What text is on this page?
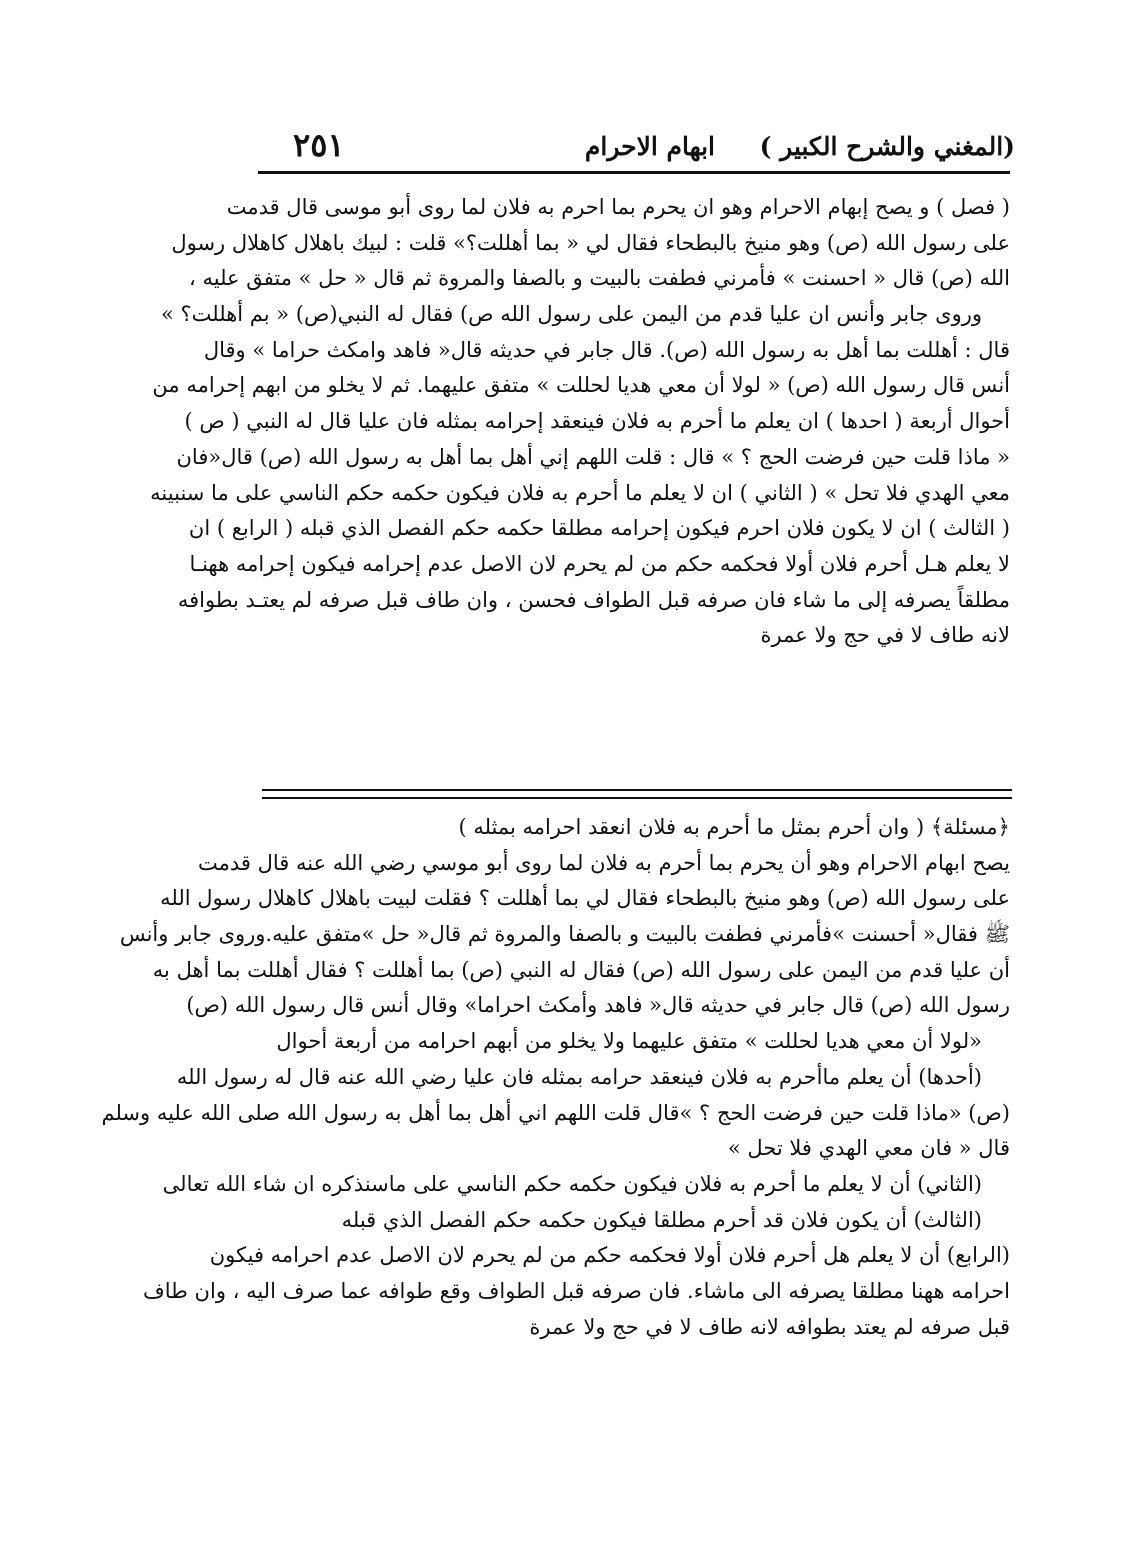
(المغني والشرح الكبير )
ابهام الاحرام
٢٥١
( فصل ) و يصح إبهام الاحرام وهو ان يحرم بما احرم به فلان لما روى أبو موسى قال قدمت
على رسول الله (ص) وهو منيخ بالبطحاء فقال لي « بما أهللت؟» قلت : لبيك باهلال كاهلال رسول
الله (ص) قال « احسنت » فأمرني فطفت بالبيت و بالصفا والمروة ثم قال « حل » متفق عليه ،
وروى جابر وأنس ان عليا قدم من اليمن على رسول الله ص) فقال له النبي(ص) « بم أهللت؟ »
قال : أهللت بما أهل به رسول الله (ص). قال جابر في حديثه قال« فاهد وامكث حراما » وقال
أنس قال رسول الله (ص) « لولا أن معي هديا لحللت » متفق عليهما. ثم لا يخلو من ابهم إحرامه من
أحوال أربعة ( احدها ) ان يعلم ما أحرم به فلان فينعقد إحرامه بمثله فان عليا قال له النبي ( ص )
« ماذا قلت حين فرضت الحج ؟ » قال : قلت اللهم إني أهل بما أهل به رسول الله (ص) قال«فان
معي الهدي فلا تحل » ( الثاني ) ان لا يعلم ما أحرم به فلان فيكون حكمه حكم الناسي على ما سنبينه
( الثالث ) ان لا يكون فلان احرم فيكون إحرامه مطلقا حكمه حكم الفصل الذي قبله ( الرابع ) ان
لا يعلم هـل أحرم فلان أولا فحكمه حكم من لم يحرم لان الاصل عدم إحرامه فيكون إحرامه ههنـا
مطلقاً يصرفه إلى ما شاء فان صرفه قبل الطواف فحسن ، وان طاف قبل صرفه لم يعتـد بطوافه
لانه طاف لا في حج ولا عمرة
﴿مسئلة﴾ ( وان أحرم بمثل ما أحرم به فلان انعقد احرامه بمثله )
يصح ابهام الاحرام وهو أن يحرم بما أحرم به فلان لما روى أبو موسي رضي الله عنه قال قدمت
على رسول الله (ص) وهو منيخ بالبطحاء فقال لي بما أهللت ؟ فقلت لبيت باهلال كاهلال رسول الله
ﷺ فقال« أحسنت »فأمرني فطفت بالبيت و بالصفا والمروة ثم قال« حل »متفق عليه.وروى جابر وأنس
أن عليا قدم من اليمن على رسول الله (ص) فقال له النبي (ص) بما أهللت ؟ فقال أهللت بما أهل به
رسول الله (ص) قال جابر في حديثه قال« فاهد وأمكث احراما» وقال أنس قال رسول الله (ص)
«لولا أن معي هديا لحللت » متفق عليهما ولا يخلو من أبهم احرامه من أربعة أحوال
(أحدها) أن يعلم ماأحرم به فلان فينعقد حرامه بمثله فان عليا رضي الله عنه قال له رسول الله
(ص) «ماذا قلت حين فرضت الحج ؟ »قال قلت اللهم اني أهل بما أهل به رسول الله صلى الله عليه وسلم
قال « فان معي الهدي فلا تحل »
(الثاني) أن لا يعلم ما أحرم به فلان فيكون حكمه حكم الناسي على ماسنذكره ان شاء الله تعالى
(الثالث) أن يكون فلان قد أحرم مطلقا فيكون حكمه حكم الفصل الذي قبله
(الرابع) أن لا يعلم هل أحرم فلان أولا فحكمه حكم من لم يحرم لان الاصل عدم احرامه فيكون
احرامه ههنا مطلقا يصرفه الى ماشاء. فان صرفه قبل الطواف وقع طوافه عما صرف اليه ، وان طاف
قبل صرفه لم يعتد بطوافه لانه طاف لا في حج ولا عمرة
